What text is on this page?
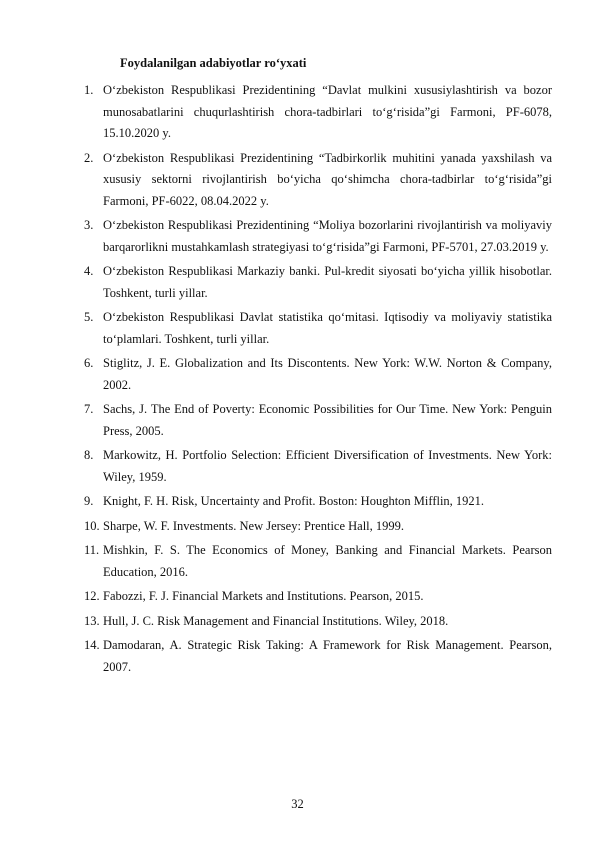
Foydalanilgan adabiyotlar roʻyxati
1. Oʻzbekiston Respublikasi Prezidentining “Davlat mulkini xususiylashtirish va bozor munosabatlarini chuqurlashtirish chora-tadbirlari toʻgʻrisida”gi Farmoni, PF-6078, 15.10.2020 y.
2. Oʻzbekiston Respublikasi Prezidentining “Tadbirkorlik muhitini yanada yaxshilash va xususiy sektorni rivojlantirish boʻyicha qoʻshimcha chora-tadbirlar toʻgʻrisida”gi Farmoni, PF-6022, 08.04.2022 y.
3. Oʻzbekiston Respublikasi Prezidentining “Moliya bozorlarini rivojlantirish va moliyaviy barqarorlikni mustahkamlash strategiyasi toʻgʻrisida”gi Farmoni, PF-5701, 27.03.2019 y.
4. Oʻzbekiston Respublikasi Markaziy banki. Pul-kredit siyosati boʻyicha yillik hisobotlar. Toshkent, turli yillar.
5. Oʻzbekiston Respublikasi Davlat statistika qoʻmitasi. Iqtisodiy va moliyaviy statistika toʻplamlari. Toshkent, turli yillar.
6. Stiglitz, J. E. Globalization and Its Discontents. New York: W.W. Norton & Company, 2002.
7. Sachs, J. The End of Poverty: Economic Possibilities for Our Time. New York: Penguin Press, 2005.
8. Markowitz, H. Portfolio Selection: Efficient Diversification of Investments. New York: Wiley, 1959.
9. Knight, F. H. Risk, Uncertainty and Profit. Boston: Houghton Mifflin, 1921.
10. Sharpe, W. F. Investments. New Jersey: Prentice Hall, 1999.
11. Mishkin, F. S. The Economics of Money, Banking and Financial Markets. Pearson Education, 2016.
12. Fabozzi, F. J. Financial Markets and Institutions. Pearson, 2015.
13. Hull, J. C. Risk Management and Financial Institutions. Wiley, 2018.
14. Damodaran, A. Strategic Risk Taking: A Framework for Risk Management. Pearson, 2007.
32
